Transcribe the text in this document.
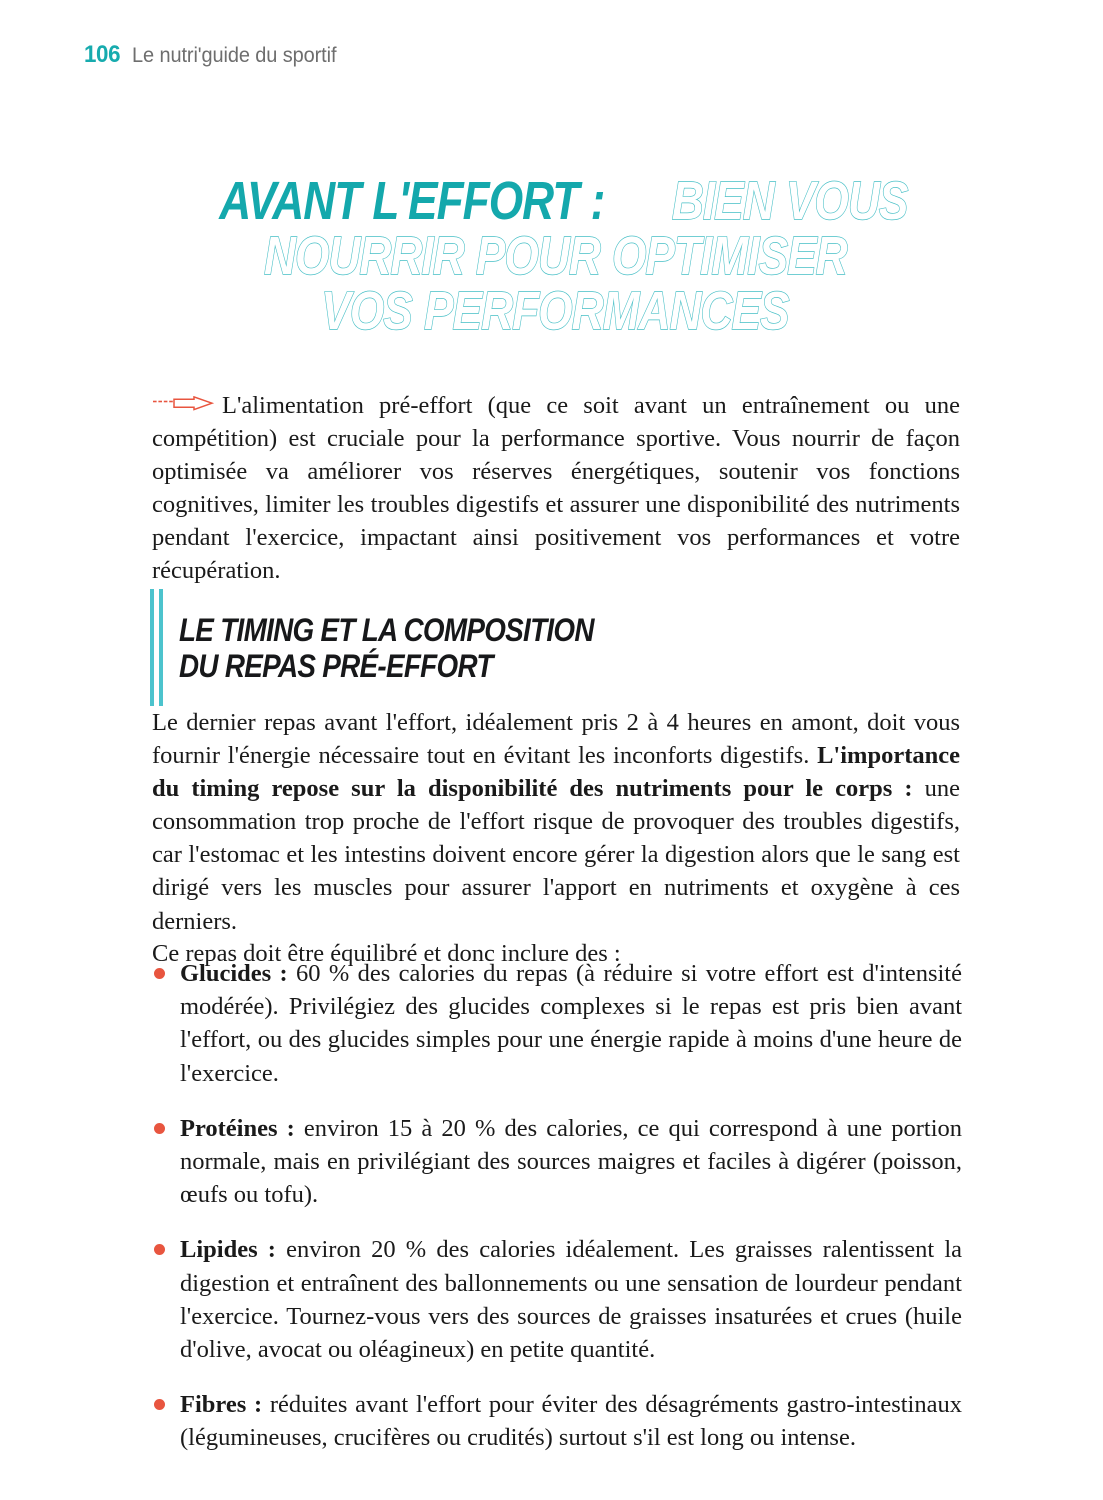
106 Le nutri'guide du sportif
AVANT L'EFFORT : BIEN VOUS
NOURRIR POUR OPTIMISER
VOS PERFORMANCES

L'alimentation pré-effort (que ce soit avant un entraînement ou une compétition) est cruciale pour la performance sportive. Vous nourrir de façon optimisée va améliorer vos réserves énergétiques, soutenir vos fonctions cognitives, limiter les troubles digestifs et assurer une disponibilité des nutriments pendant l'exercice, impactant ainsi positivement vos performances et votre récupération.

LE TIMING ET LA COMPOSITION
DU REPAS PRÉ-EFFORT

Le dernier repas avant l'effort, idéalement pris 2 à 4 heures en amont, doit vous fournir l'énergie nécessaire tout en évitant les inconforts digestifs. L'importance du timing repose sur la disponibilité des nutriments pour le corps : une consommation trop proche de l'effort risque de provoquer des troubles digestifs, car l'estomac et les intestins doivent encore gérer la digestion alors que le sang est dirigé vers les muscles pour assurer l'apport en nutriments et oxygène à ces derniers.

Ce repas doit être équilibré et donc inclure des :

Glucides : 60 % des calories du repas (à réduire si votre effort est d'intensité modérée). Privilégiez des glucides complexes si le repas est pris bien avant l'effort, ou des glucides simples pour une énergie rapide à moins d'une heure de l'exercice.
Protéines : environ 15 à 20 % des calories, ce qui correspond à une portion normale, mais en privilégiant des sources maigres et faciles à digérer (poisson, œufs ou tofu).
Lipides : environ 20 % des calories idéalement. Les graisses ralentissent la digestion et entraînent des ballonnements ou une sensation de lourdeur pendant l'exercice. Tournez-vous vers des sources de graisses insaturées et crues (huile d'olive, avocat ou oléagineux) en petite quantité.
Fibres : réduites avant l'effort pour éviter des désagréments gastro-intestinaux (légumineuses, crucifères ou crudités) surtout s'il est long ou intense.
